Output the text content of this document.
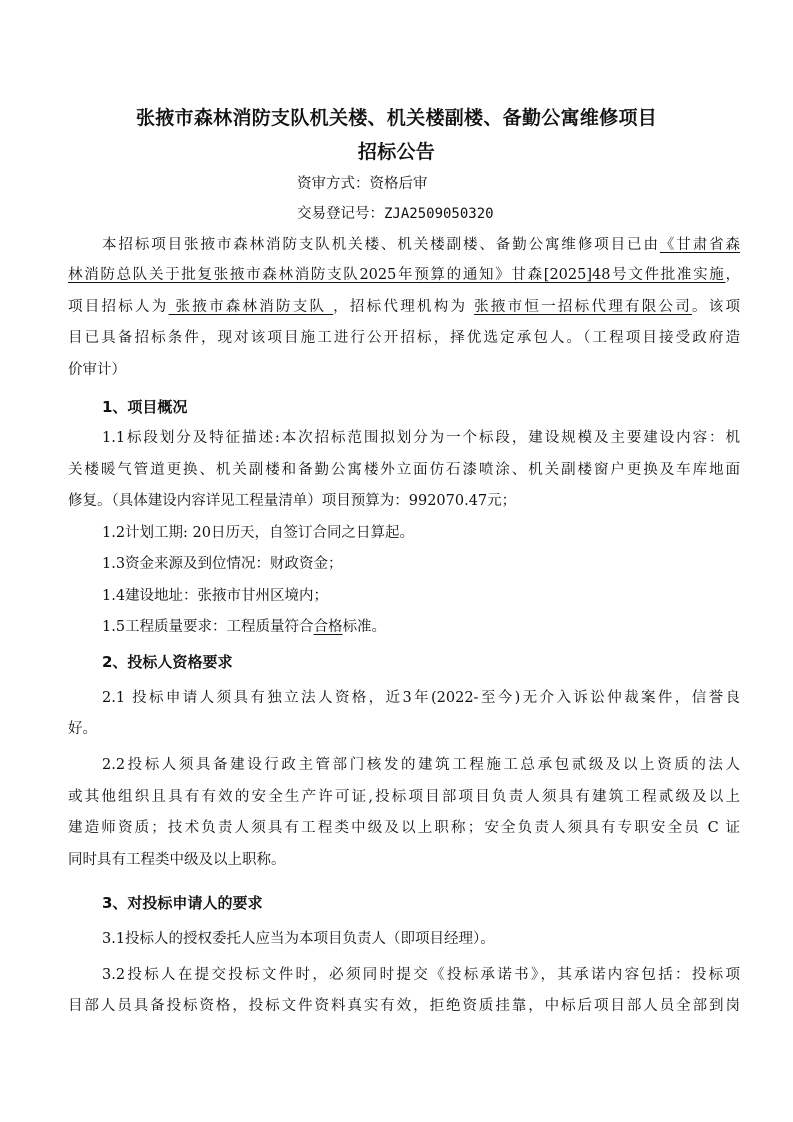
张掖市森林消防支队机关楼、机关楼副楼、备勤公寓维修项目
招标公告
资审方式：资格后审
交易登记号：ZJA2509050320
本招标项目张掖市森林消防支队机关楼、机关楼副楼、备勤公寓维修项目已由《甘肃省森
林消防总队关于批复张掖市森林消防支队2025年预算的通知》甘森[2025]48号文件批准实施，
项目招标人为 张掖市森林消防支队 ，招标代理机构为 张掖市恒一招标代理有限公司。该项
目已具备招标条件，现对该项目施工进行公开招标，择优选定承包人。（工程项目接受政府造
价审计）
1、项目概况
1.1标段划分及特征描述:本次招标范围拟划分为一个标段，建设规模及主要建设内容：机
关楼暖气管道更换、机关副楼和备勤公寓楼外立面仿石漆喷涂、机关副楼窗户更换及车库地面
修复。（具体建设内容详见工程量清单）项目预算为：992070.47元；
1.2计划工期: 20日历天，自签订合同之日算起。
1.3资金来源及到位情况：财政资金；
1.4建设地址：张掖市甘州区境内；
1.5工程质量要求：工程质量符合合格标准。
2、投标人资格要求
2.1 投标申请人须具有独立法人资格，近3年(2022-至今)无介入诉讼仲裁案件，信誉良
好。
2.2投标人须具备建设行政主管部门核发的建筑工程施工总承包贰级及以上资质的法人
或其他组织且具有有效的安全生产许可证,投标项目部项目负责人须具有建筑工程贰级及以上
建造师资质；技术负责人须具有工程类中级及以上职称；安全负责人须具有专职安全员 C 证
同时具有工程类中级及以上职称。
3、对投标申请人的要求
3.1投标人的授权委托人应当为本项目负责人（即项目经理）。
3.2投标人在提交投标文件时，必须同时提交《投标承诺书》，其承诺内容包括：投标项
目部人员具备投标资格，投标文件资料真实有效，拒绝资质挂靠，中标后项目部人员全部到岗
